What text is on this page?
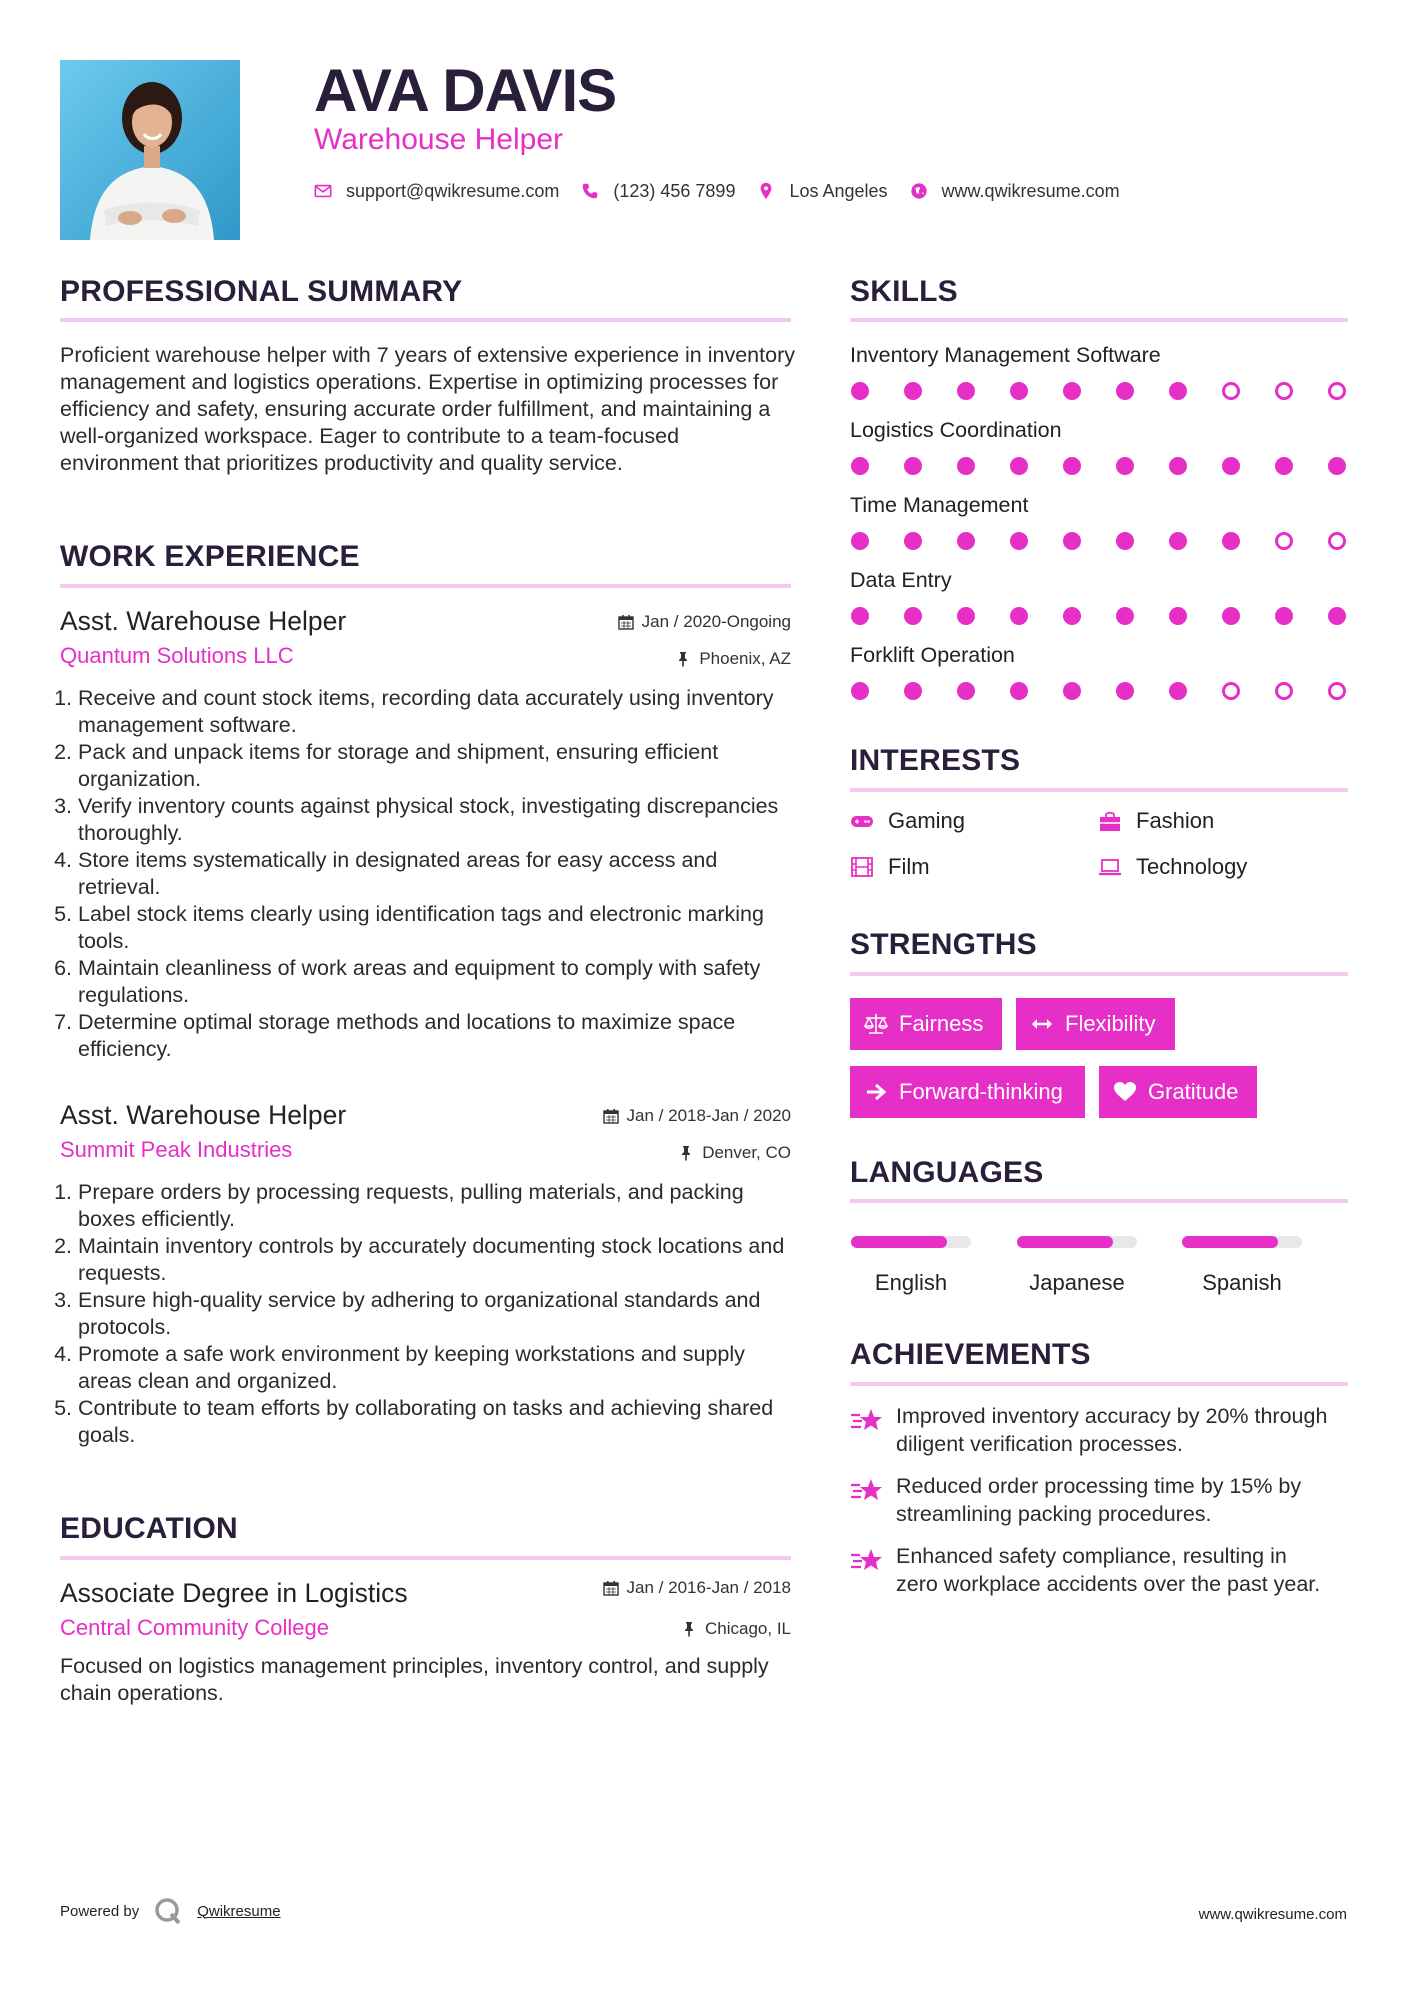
AVA DAVIS
Warehouse Helper
support@qwikresume.com	(123) 456 7899	Los Angeles	www.qwikresume.com
PROFESSIONAL SUMMARY
Proficient warehouse helper with 7 years of extensive experience in inventory management and logistics operations. Expertise in optimizing processes for efficiency and safety, ensuring accurate order fulfillment, and maintaining a well-organized workspace. Eager to contribute to a team-focused environment that prioritizes productivity and quality service.
WORK EXPERIENCE
Asst. Warehouse Helper
Quantum Solutions LLC
Jan / 2020-Ongoing
Phoenix, AZ
1. Receive and count stock items, recording data accurately using inventory management software.
2. Pack and unpack items for storage and shipment, ensuring efficient organization.
3. Verify inventory counts against physical stock, investigating discrepancies thoroughly.
4. Store items systematically in designated areas for easy access and retrieval.
5. Label stock items clearly using identification tags and electronic marking tools.
6. Maintain cleanliness of work areas and equipment to comply with safety regulations.
7. Determine optimal storage methods and locations to maximize space efficiency.
Asst. Warehouse Helper
Summit Peak Industries
Jan / 2018-Jan / 2020
Denver, CO
1. Prepare orders by processing requests, pulling materials, and packing boxes efficiently.
2. Maintain inventory controls by accurately documenting stock locations and requests.
3. Ensure high-quality service by adhering to organizational standards and protocols.
4. Promote a safe work environment by keeping workstations and supply areas clean and organized.
5. Contribute to team efforts by collaborating on tasks and achieving shared goals.
EDUCATION
Associate Degree in Logistics
Central Community College
Jan / 2016-Jan / 2018
Chicago, IL
Focused on logistics management principles, inventory control, and supply chain operations.
SKILLS
Inventory Management Software
Logistics Coordination
Time Management
Data Entry
Forklift Operation
INTERESTS
Gaming	Fashion
Film	Technology
STRENGTHS
Fairness	Flexibility
Forward-thinking	Gratitude
LANGUAGES
English	Japanese	Spanish
ACHIEVEMENTS
Improved inventory accuracy by 20% through diligent verification processes.
Reduced order processing time by 15% by streamlining packing procedures.
Enhanced safety compliance, resulting in zero workplace accidents over the past year.
Powered by	Qwikresume	www.qwikresume.com
